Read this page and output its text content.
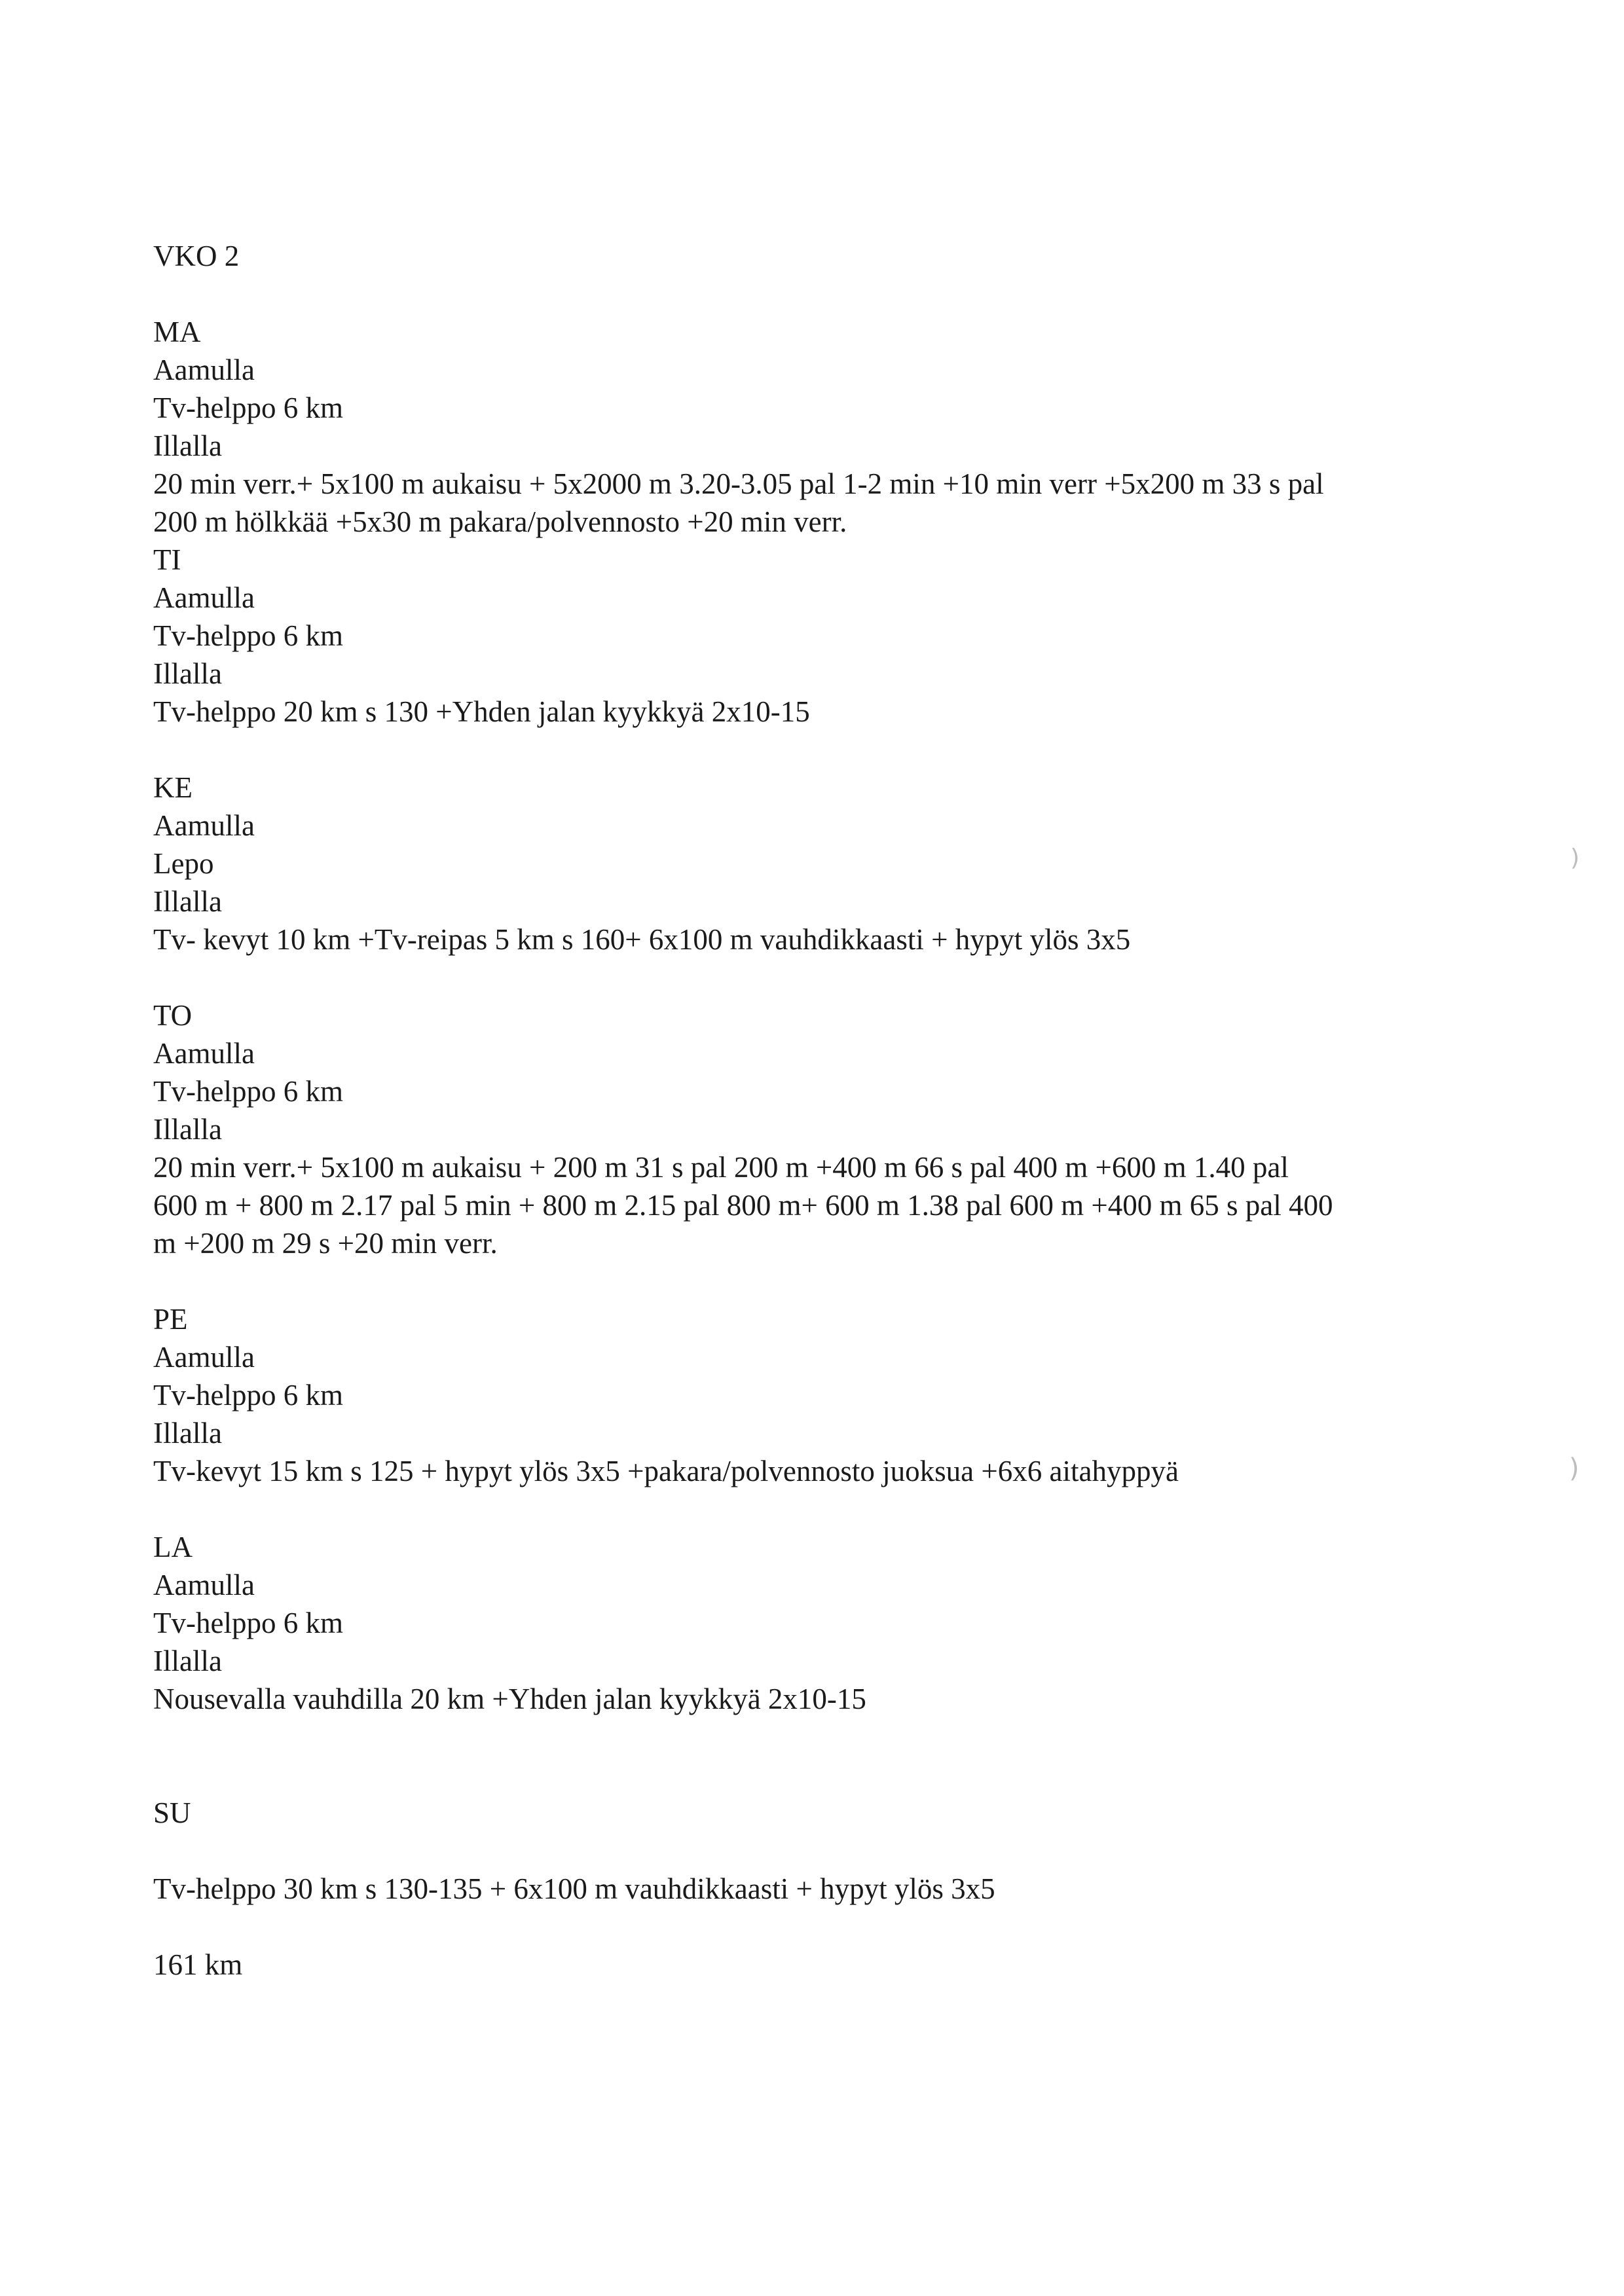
VKO 2
MA
Aamulla
Tv-helppo 6 km
Illalla
20 min verr.+ 5x100 m aukaisu + 5x2000 m 3.20-3.05 pal 1-2 min +10 min verr +5x200 m 33 s pal
200 m hölkkää +5x30 m pakara/polvennosto +20 min verr.
TI
Aamulla
Tv-helppo 6 km
Illalla
Tv-helppo 20 km s 130 +Yhden jalan kyykkyä 2x10-15
KE
Aamulla
Lepo
Illalla
Tv- kevyt 10 km +Tv-reipas 5 km s 160+ 6x100 m vauhdikkaasti + hypyt ylös 3x5
TO
Aamulla
Tv-helppo 6 km
Illalla
20 min verr.+ 5x100 m aukaisu + 200 m 31 s pal 200 m +400 m 66 s pal 400 m +600 m 1.40 pal
600 m + 800 m 2.17 pal 5 min + 800 m 2.15 pal 800 m+ 600 m 1.38 pal 600 m +400 m 65 s pal 400
m +200 m 29 s +20 min verr.
PE
Aamulla
Tv-helppo 6 km
Illalla
Tv-kevyt 15 km s 125 + hypyt ylös 3x5 +pakara/polvennosto juoksua +6x6 aitahyppyä
LA
Aamulla
Tv-helppo 6 km
Illalla
Nousevalla vauhdilla 20 km +Yhden jalan kyykkyä 2x10-15
SU
Tv-helppo 30 km s 130-135 + 6x100 m vauhdikkaasti + hypyt ylös 3x5
161 km
)
)
